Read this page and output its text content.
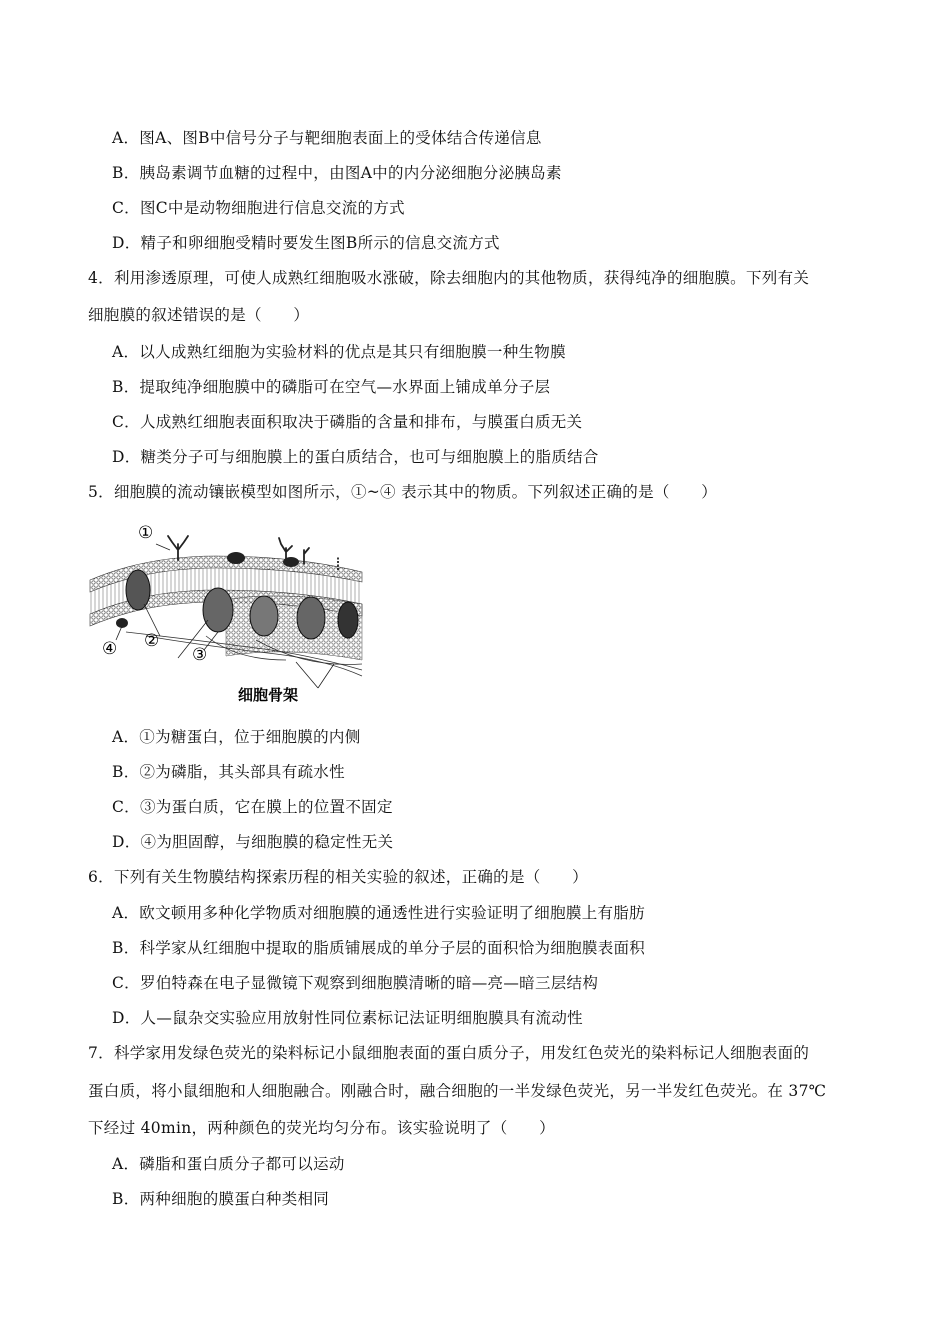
A．图A、图B中信号分子与靶细胞表面上的受体结合传递信息
B．胰岛素调节血糖的过程中，由图A中的内分泌细胞分泌胰岛素
C．图C中是动物细胞进行信息交流的方式
D．精子和卵细胞受精时要发生图B所示的信息交流方式
4．利用渗透原理，可使人成熟红细胞吸水涨破，除去细胞内的其他物质，获得纯净的细胞膜。下列有关
细胞膜的叙述错误的是（　　）
A．以人成熟红细胞为实验材料的优点是其只有细胞膜一种生物膜
B．提取纯净细胞膜中的磷脂可在空气—水界面上铺成单分子层
C．人成熟红细胞表面积取决于磷脂的含量和排布，与膜蛋白质无关
D．糖类分子可与细胞膜上的蛋白质结合，也可与细胞膜上的脂质结合
5．细胞膜的流动镶嵌模型如图所示，①~④ 表示其中的物质。下列叙述正确的是（　　）
①
②
③
④
细胞骨架
A．①为糖蛋白，位于细胞膜的内侧
B．②为磷脂，其头部具有疏水性
C．③为蛋白质，它在膜上的位置不固定
D．④为胆固醇，与细胞膜的稳定性无关
6．下列有关生物膜结构探索历程的相关实验的叙述，正确的是（　　）
A．欧文顿用多种化学物质对细胞膜的通透性进行实验证明了细胞膜上有脂肪
B．科学家从红细胞中提取的脂质铺展成的单分子层的面积恰为细胞膜表面积
C．罗伯特森在电子显微镜下观察到细胞膜清晰的暗—亮—暗三层结构
D．人—鼠杂交实验应用放射性同位素标记法证明细胞膜具有流动性
7．科学家用发绿色荧光的染料标记小鼠细胞表面的蛋白质分子，用发红色荧光的染料标记人细胞表面的
蛋白质，将小鼠细胞和人细胞融合。刚融合时，融合细胞的一半发绿色荧光，另一半发红色荧光。在 37℃
下经过 40min，两种颜色的荧光均匀分布。该实验说明了（　　）
A．磷脂和蛋白质分子都可以运动
B．两种细胞的膜蛋白种类相同
